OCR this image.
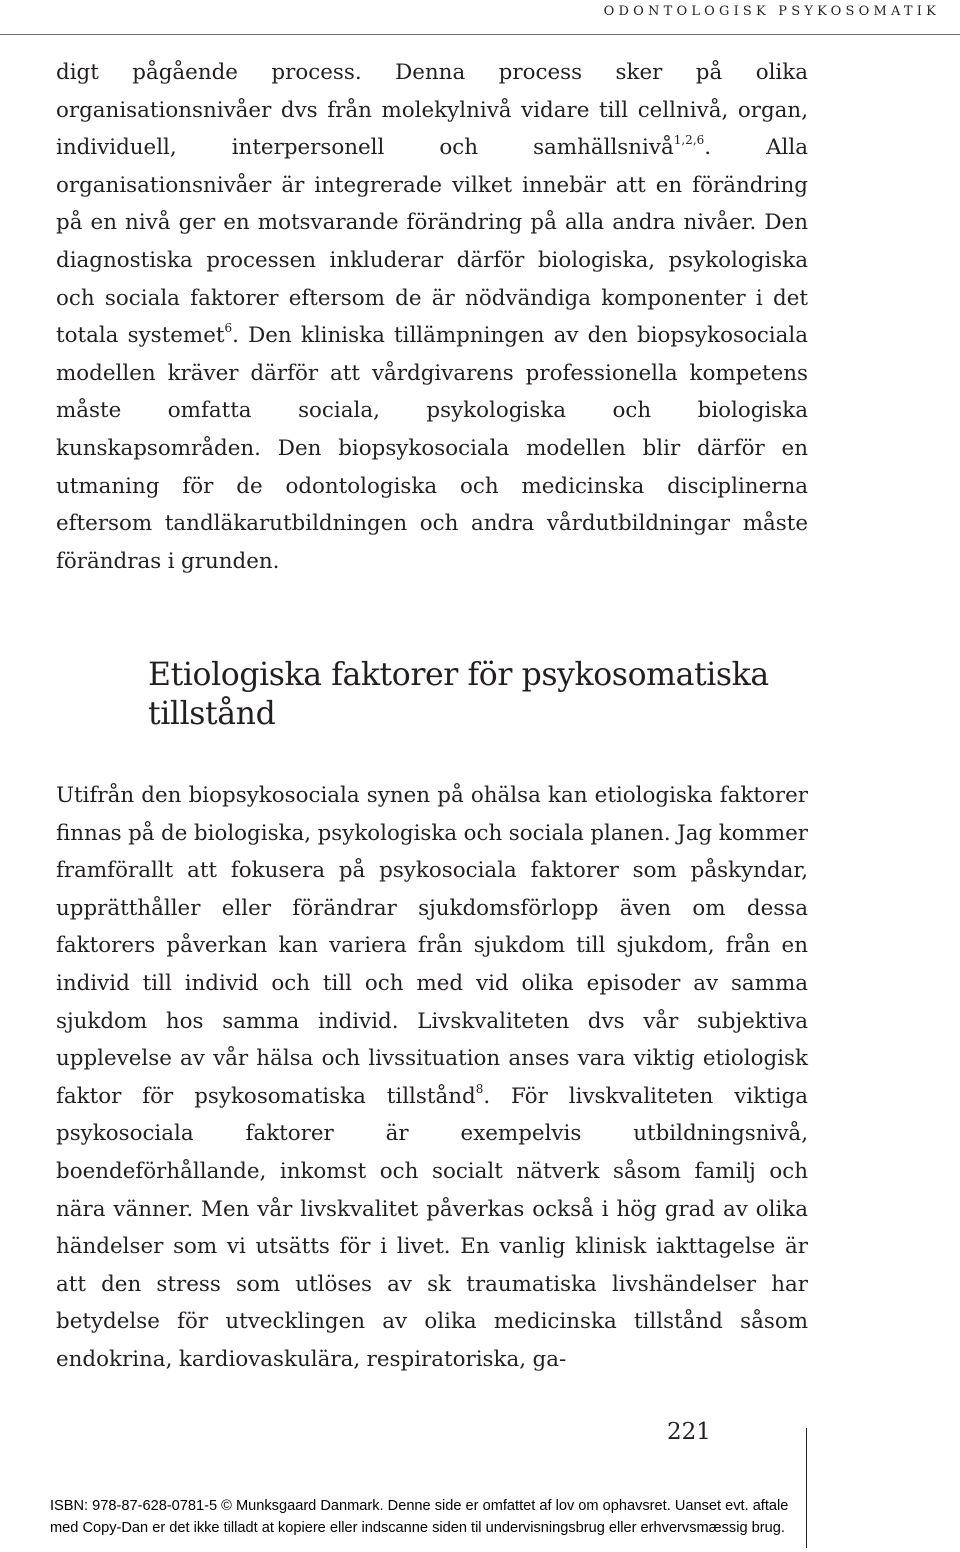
ODONTOLOGISK PSYKOSOMATIK

digt pågående process. Denna process sker på olika organisationsnivåer dvs från molekylnivå vidare till cellnivå, organ, individuell, interpersonell och samhällsnivå$^{1,2,6}$. Alla organisationsnivåer är integrerade vilket innebär att en förändring på en nivå ger en motsvarande förändring på alla andra nivåer. Den diagnostiska processen inkluderar därför biologiska, psykologiska och sociala faktorer eftersom de är nödvändiga komponenter i det totala systemet$^6$. Den kliniska tillämpningen av den biopsykosociala modellen kräver därför att vårdgivarens professionella kompetens måste omfatta sociala, psykologiska och biologiska kunskapsområden. Den biopsykosociala modellen blir därför en utmaning för de odontologiska och medicinska disciplinerna eftersom tandläkarutbildningen och andra vårdutbildningar måste förändras i grunden.

Etiologiska faktorer för psykosomatiska tillstånd

Utifrån den biopsykosociala synen på ohälsa kan etiologiska faktorer finnas på de biologiska, psykologiska och sociala planen. Jag kommer framförallt att fokusera på psykosociala faktorer som påskyndar, upprätthåller eller förändrar sjukdomsförlopp även om dessa faktorers påverkan kan variera från sjukdom till sjukdom, från en individ till individ och till och med vid olika episoder av samma sjukdom hos samma individ. Livskvaliteten dvs vår subjektiva upplevelse av vår hälsa och livssituation anses vara viktig etiologisk faktor för psykosomatiska tillstånd$^8$. För livskvaliteten viktiga psykosociala faktorer är exempelvis utbildningsnivå, boendeförhållande, inkomst och socialt nätverk såsom familj och nära vänner. Men vår livskvalitet påverkas också i hög grad av olika händelser som vi utsätts för i livet. En vanlig klinisk iakttagelse är att den stress som utlöses av sk traumatiska livshändelser har betydelse för utvecklingen av olika medicinska tillstånd såsom endokrina, kardiovaskulära, respiratoriska, ga-

221
ISBN: 978-87-628-0781-5 © Munksgaard Danmark. Denne side er omfattet af lov om ophavsret. Uanset evt. aftale
med Copy-Dan er det ikke tilladt at kopiere eller indscanne siden til undervisningsbrug eller erhvervsmæssig brug.
